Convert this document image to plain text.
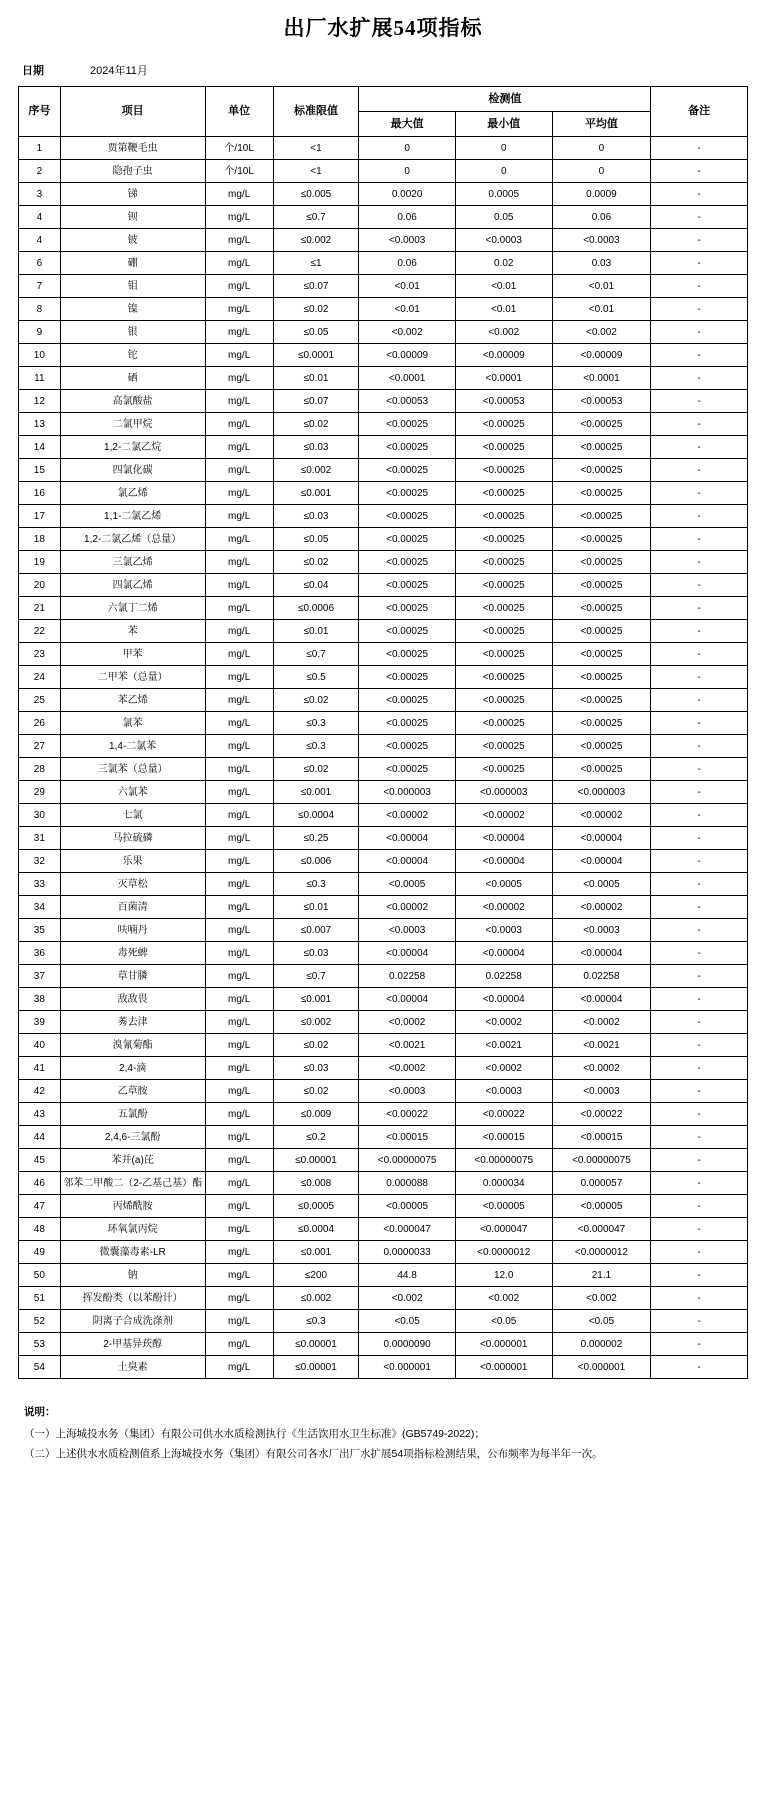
出厂水扩展54项指标
日期	2024年11月
序号	项目	单位	标准限值	检测值			备注
				最大值	最小值	平均值	
1	贾第鞭毛虫	个/10L	<1	0	0	0	-
2	隐孢子虫	个/10L	<1	0	0	0	-
3	锑	mg/L	≤0.005	0.0020	0.0005	0.0009	-
4	钡	mg/L	≤0.7	0.06	0.05	0.06	-
4	铍	mg/L	≤0.002	<0.0003	<0.0003	<0.0003	-
6	硼	mg/L	≤1	0.06	0.02	0.03	-
7	钼	mg/L	≤0.07	<0.01	<0.01	<0.01	-
8	镍	mg/L	≤0.02	<0.01	<0.01	<0.01	-
9	银	mg/L	≤0.05	<0.002	<0.002	<0.002	-
10	铊	mg/L	≤0.0001	<0.00009	<0.00009	<0.00009	-
11	硒	mg/L	≤0.01	<0.0001	<0.0001	<0.0001	-
12	高氯酸盐	mg/L	≤0.07	<0.00053	<0.00053	<0.00053	-
13	二氯甲烷	mg/L	≤0.02	<0.00025	<0.00025	<0.00025	-
14	1,2-二氯乙烷	mg/L	≤0.03	<0.00025	<0.00025	<0.00025	-
15	四氯化碳	mg/L	≤0.002	<0.00025	<0.00025	<0.00025	-
16	氯乙烯	mg/L	≤0.001	<0.00025	<0.00025	<0.00025	-
17	1,1-二氯乙烯	mg/L	≤0.03	<0.00025	<0.00025	<0.00025	-
18	1,2-二氯乙烯（总量）	mg/L	≤0.05	<0.00025	<0.00025	<0.00025	-
19	三氯乙烯	mg/L	≤0.02	<0.00025	<0.00025	<0.00025	-
20	四氯乙烯	mg/L	≤0.04	<0.00025	<0.00025	<0.00025	-
21	六氯丁二烯	mg/L	≤0.0006	<0.00025	<0.00025	<0.00025	-
22	苯	mg/L	≤0.01	<0.00025	<0.00025	<0.00025	-
23	甲苯	mg/L	≤0.7	<0.00025	<0.00025	<0.00025	-
24	二甲苯（总量）	mg/L	≤0.5	<0.00025	<0.00025	<0.00025	-
25	苯乙烯	mg/L	≤0.02	<0.00025	<0.00025	<0.00025	-
26	氯苯	mg/L	≤0.3	<0.00025	<0.00025	<0.00025	-
27	1,4-二氯苯	mg/L	≤0.3	<0.00025	<0.00025	<0.00025	-
28	三氯苯（总量）	mg/L	≤0.02	<0.00025	<0.00025	<0.00025	-
29	六氯苯	mg/L	≤0.001	<0.000003	<0.000003	<0.000003	-
30	七氯	mg/L	≤0.0004	<0.00002	<0.00002	<0.00002	-
31	马拉硫磷	mg/L	≤0.25	<0.00004	<0.00004	<0.00004	-
32	乐果	mg/L	≤0.006	<0.00004	<0.00004	<0.00004	-
33	灭草松	mg/L	≤0.3	<0.0005	<0.0005	<0.0005	-
34	百菌清	mg/L	≤0.01	<0.00002	<0.00002	<0.00002	-
35	呋喃丹	mg/L	≤0.007	<0.0003	<0.0003	<0.0003	-
36	毒死蜱	mg/L	≤0.03	<0.00004	<0.00004	<0.00004	-
37	草甘膦	mg/L	≤0.7	0.02258	0.02258	0.02258	-
38	敌敌畏	mg/L	≤0.001	<0.00004	<0.00004	<0.00004	-
39	莠去津	mg/L	≤0.002	<0.0002	<0.0002	<0.0002	-
40	溴氰菊酯	mg/L	≤0.02	<0.0021	<0.0021	<0.0021	-
41	2,4-滴	mg/L	≤0.03	<0.0002	<0.0002	<0.0002	-
42	乙草胺	mg/L	≤0.02	<0.0003	<0.0003	<0.0003	-
43	五氯酚	mg/L	≤0.009	<0.00022	<0.00022	<0.00022	-
44	2,4,6-三氯酚	mg/L	≤0.2	<0.00015	<0.00015	<0.00015	-
45	苯并(a)芘	mg/L	≤0.00001	<0.00000075	<0.00000075	<0.00000075	-
46	邻苯二甲酸二（2-乙基己基）酯	mg/L	≤0.008	0.000088	0.000034	0.000057	-
47	丙烯酰胺	mg/L	≤0.0005	<0.00005	<0.00005	<0.00005	-
48	环氧氯丙烷	mg/L	≤0.0004	<0.000047	<0.000047	<0.000047	-
49	微囊藻毒素-LR	mg/L	≤0.001	0.0000033	<0.0000012	<0.0000012	-
50	钠	mg/L	≤200	44.8	12.0	21.1	-
51	挥发酚类（以苯酚计）	mg/L	≤0.002	<0.002	<0.002	<0.002	-
52	阴离子合成洗涤剂	mg/L	≤0.3	<0.05	<0.05	<0.05	-
53	2-甲基异莰醇	mg/L	≤0.00001	0.0000090	<0.000001	0.000002	-
54	土臭素	mg/L	≤0.00001	<0.000001	<0.000001	<0.000001	-
说明：
（一）上海城投水务（集团）有限公司供水水质检测执行《生活饮用水卫生标准》(GB5749-2022)；
（二）上述供水水质检测值系上海城投水务（集团）有限公司各水厂出厂水扩展54项指标检测结果，公布频率为每半年一次。
